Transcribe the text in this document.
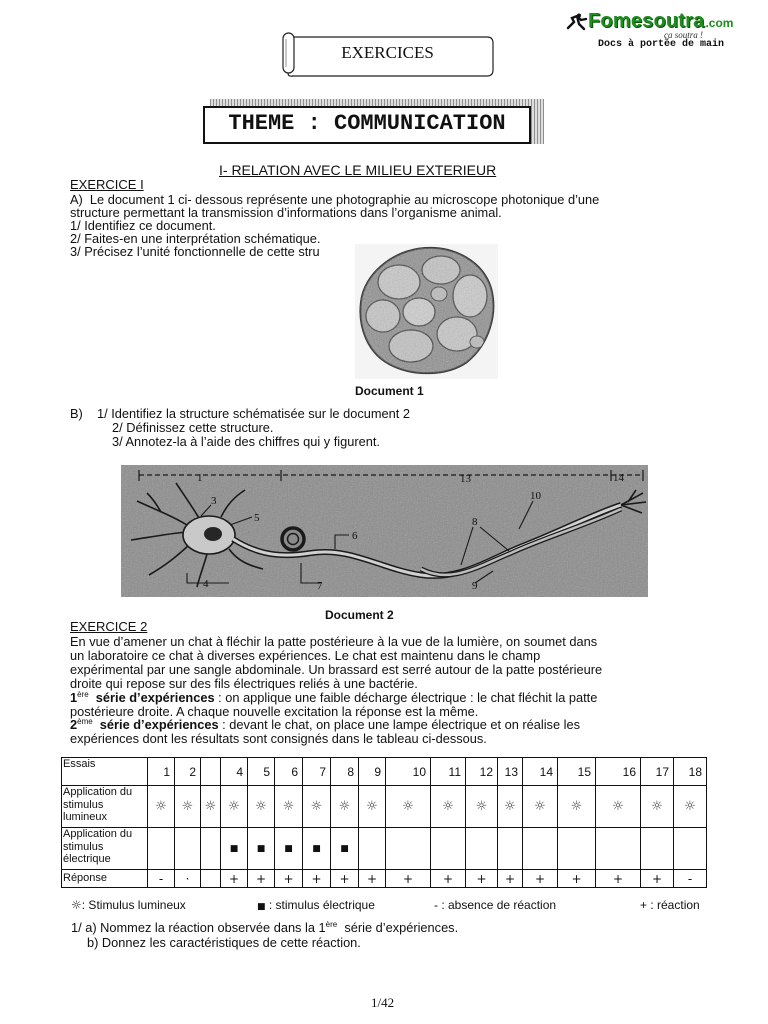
Fomesoutra .com
ça soutra !
Docs à portée de main
EXERCICES
THEME : COMMUNICATION
I- RELATION AVEC LE MILIEU EXTERIEUR
EXERCICE I
A)  Le document 1 ci- dessous représente une photographie au microscope photonique d’une
structure permettant la transmission d’informations dans l’organisme animal.
1/ Identifiez ce document.
2/ Faites-en une interprétation schématique.
3/ Précisez l’unité fonctionnelle de cette stru
Document 1
B) 1/ Identifiez la structure schématisée sur le document 2
2/ Définissez cette structure.
3/ Annotez-la à l’aide des chiffres qui y figurent.
1
3
5
4
6
7
8
9
10
13	14
Document 2
EXERCICE 2
En vue d’amener un chat à fléchir la patte postérieure à la vue de la lumière, on soumet dans
un laboratoire ce chat à diverses expériences. Le chat est maintenu dans le champ
expérimental par une sangle abdominale. Un brassard est serré autour de la patte postérieure
droite qui repose sur des fils électriques reliés à une bactérie.
1ère  série d’expériences : on applique une faible décharge électrique : le chat fléchit la patte
postérieure droite. A chaque nouvelle excitation la réponse est la même.
2ème  série d’expériences : devant le chat, on place une lampe électrique et on réalise les
expériences dont les résultats sont consignés dans le tableau ci-dessous.
Essais	1	2		4	5	6	7	8	9	10	11	12	13	14	15	16	17	18
Application du
stimulus
lumineux	☼	☼	☼	☼	☼	☼	☼	☼	☼	☼	☼	☼	☼	☼	☼	☼	☼	☼
Application du
stimulus
électrique				■	■	■	■	■										
Réponse	-	·		+	+	+	+	+	+	+	+	+	+	+	+	+	+	-
☼: Stimulus lumineux	■ : stimulus électrique	- : absence de réaction	+ : réaction
1/ a) Nommez la réaction observée dans la 1ère  série d’expériences.
b) Donnez les caractéristiques de cette réaction.
1/42
